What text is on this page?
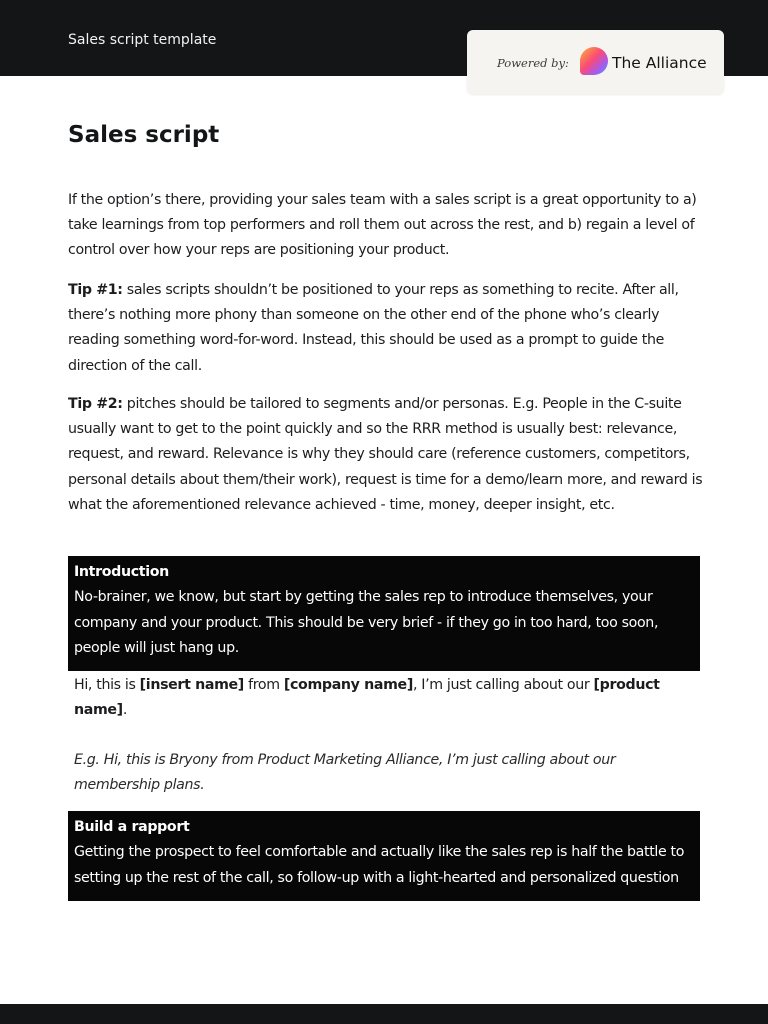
Sales script template
Powered by:	The Alliance
Sales script

If the option’s there, providing your sales team with a sales script is a great opportunity to a) take learnings from top performers and roll them out across the rest, and b) regain a level of control over how your reps are positioning your product.

Tip #1: sales scripts shouldn’t be positioned to your reps as something to recite. After all, there’s nothing more phony than someone on the other end of the phone who’s clearly reading something word-for-word. Instead, this should be used as a prompt to guide the direction of the call.

Tip #2: pitches should be tailored to segments and/or personas. E.g. People in the C-suite usually want to get to the point quickly and so the RRR method is usually best: relevance, request, and reward. Relevance is why they should care (reference customers, competitors, personal details about them/their work), request is time for a demo/learn more, and reward is what the aforementioned relevance achieved - time, money, deeper insight, etc.

Introduction
No-brainer, we know, but start by getting the sales rep to introduce themselves, your company and your product. This should be very brief - if they go in too hard, too soon, people will just hang up.

Hi, this is [insert name] from [company name], I’m just calling about our [product name].

E.g. Hi, this is Bryony from Product Marketing Alliance, I’m just calling about our membership plans.

Build a rapport
Getting the prospect to feel comfortable and actually like the sales rep is half the battle to setting up the rest of the call, so follow-up with a light-hearted and personalized question
